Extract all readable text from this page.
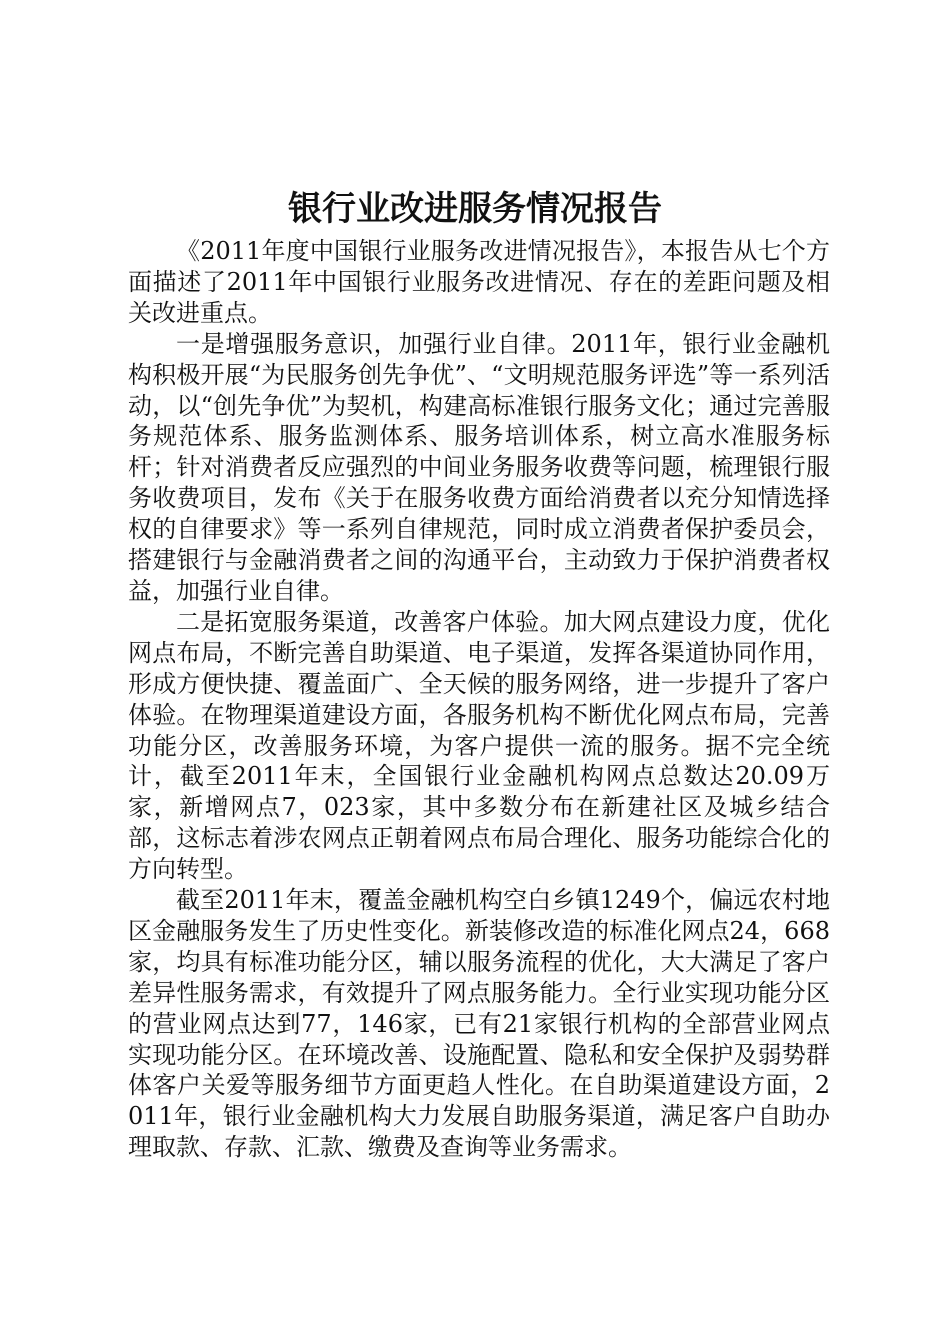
银行业改进服务情况报告

《2011年度中国银行业服务改进情况报告》，本报告从七个方面描述了2011年中国银行业服务改进情况、存在的差距问题及相关改进重点。

一是增强服务意识，加强行业自律。2011年，银行业金融机构积极开展“为民服务创先争优”、“文明规范服务评选”等一系列活动，以“创先争优”为契机，构建高标准银行服务文化；通过完善服务规范体系、服务监测体系、服务培训体系，树立高水准服务标杆；针对消费者反应强烈的中间业务服务收费等问题，梳理银行服务收费项目，发布《关于在服务收费方面给消费者以充分知情选择权的自律要求》等一系列自律规范，同时成立消费者保护委员会，搭建银行与金融消费者之间的沟通平台，主动致力于保护消费者权益，加强行业自律。

二是拓宽服务渠道，改善客户体验。加大网点建设力度，优化网点布局，不断完善自助渠道、电子渠道，发挥各渠道协同作用，形成方便快捷、覆盖面广、全天候的服务网络，进一步提升了客户体验。在物理渠道建设方面，各服务机构不断优化网点布局，完善功能分区，改善服务环境，为客户提供一流的服务。据不完全统计，截至2011年末，全国银行业金融机构网点总数达20.09万家，新增网点7，023家，其中多数分布在新建社区及城乡结合部，这标志着涉农网点正朝着网点布局合理化、服务功能综合化的方向转型。

截至2011年末，覆盖金融机构空白乡镇1249个，偏远农村地区金融服务发生了历史性变化。新装修改造的标准化网点24，668家，均具有标准功能分区，辅以服务流程的优化，大大满足了客户差异性服务需求，有效提升了网点服务能力。全行业实现功能分区的营业网点达到77，146家，已有21家银行机构的全部营业网点实现功能分区。在环境改善、设施配置、隐私和安全保护及弱势群体客户关爱等服务细节方面更趋人性化。在自助渠道建设方面，2011年，银行业金融机构大力发展自助服务渠道，满足客户自助办理取款、存款、汇款、缴费及查询等业务需求。
